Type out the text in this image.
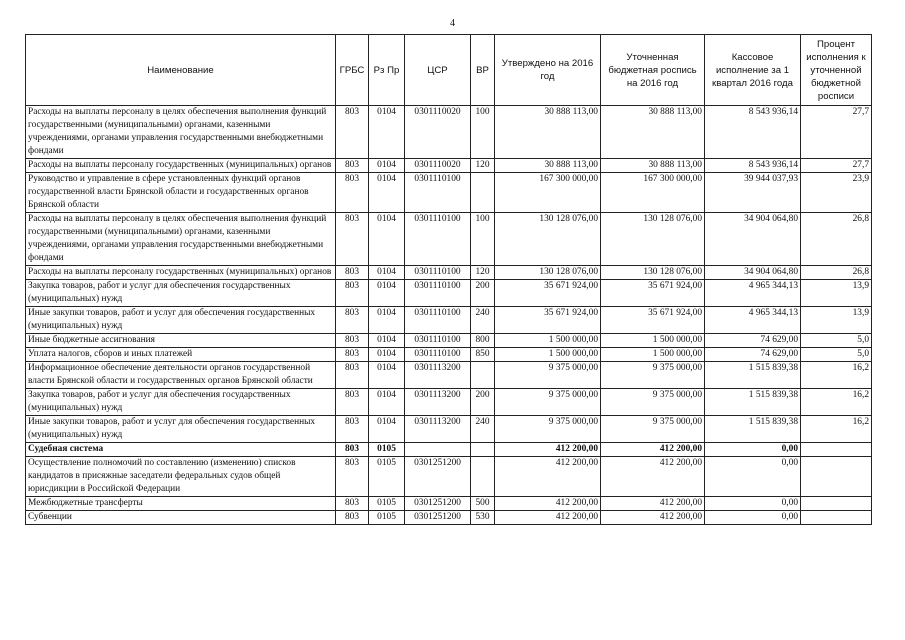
4
Наименование	ГРБС	Рз Пр	ЦСР	ВР	Утверждено на 2016 год	Уточненная бюджетная роспись на 2016 год	Кассовое исполнение за 1 квартал 2016 года	Процент исполнения к уточненной бюджетной росписи
Расходы на выплаты персоналу в целях обеспечения выполнения функций государственными (муниципальными) органами, казенными учреждениями, органами управления государственными внебюджетными фондами	803	0104	0301110020	100	30 888 113,00	30 888 113,00	8 543 936,14	27,7
Расходы на выплаты персоналу государственных (муниципальных) органов	803	0104	0301110020	120	30 888 113,00	30 888 113,00	8 543 936,14	27,7
Руководство и управление в сфере установленных функций органов государственной власти Брянской области и государственных органов Брянской области	803	0104	0301110100		167 300 000,00	167 300 000,00	39 944 037,93	23,9
Расходы на выплаты персоналу в целях обеспечения выполнения функций государственными (муниципальными) органами, казенными учреждениями, органами управления государственными внебюджетными фондами	803	0104	0301110100	100	130 128 076,00	130 128 076,00	34 904 064,80	26,8
Расходы на выплаты персоналу государственных (муниципальных) органов	803	0104	0301110100	120	130 128 076,00	130 128 076,00	34 904 064,80	26,8
Закупка товаров, работ и услуг для обеспечения государственных (муниципальных) нужд	803	0104	0301110100	200	35 671 924,00	35 671 924,00	4 965 344,13	13,9
Иные закупки товаров, работ и услуг для обеспечения государственных (муниципальных) нужд	803	0104	0301110100	240	35 671 924,00	35 671 924,00	4 965 344,13	13,9
Иные бюджетные ассигнования	803	0104	0301110100	800	1 500 000,00	1 500 000,00	74 629,00	5,0
Уплата налогов, сборов и иных платежей	803	0104	0301110100	850	1 500 000,00	1 500 000,00	74 629,00	5,0
Информационное обеспечение деятельности органов государственной власти Брянской области и государственных органов Брянской области	803	0104	0301113200		9 375 000,00	9 375 000,00	1 515 839,38	16,2
Закупка товаров, работ и услуг для обеспечения государственных (муниципальных) нужд	803	0104	0301113200	200	9 375 000,00	9 375 000,00	1 515 839,38	16,2
Иные закупки товаров, работ и услуг для обеспечения государственных (муниципальных) нужд	803	0104	0301113200	240	9 375 000,00	9 375 000,00	1 515 839,38	16,2
Судебная система	803	0105			412 200,00	412 200,00	0,00	
Осуществление полномочий по составлению (изменению) списков кандидатов в присяжные заседатели федеральных судов общей юрисдикции в Российской Федерации	803	0105	0301251200		412 200,00	412 200,00	0,00	
Межбюджетные трансферты	803	0105	0301251200	500	412 200,00	412 200,00	0,00	
Субвенции	803	0105	0301251200	530	412 200,00	412 200,00	0,00	
